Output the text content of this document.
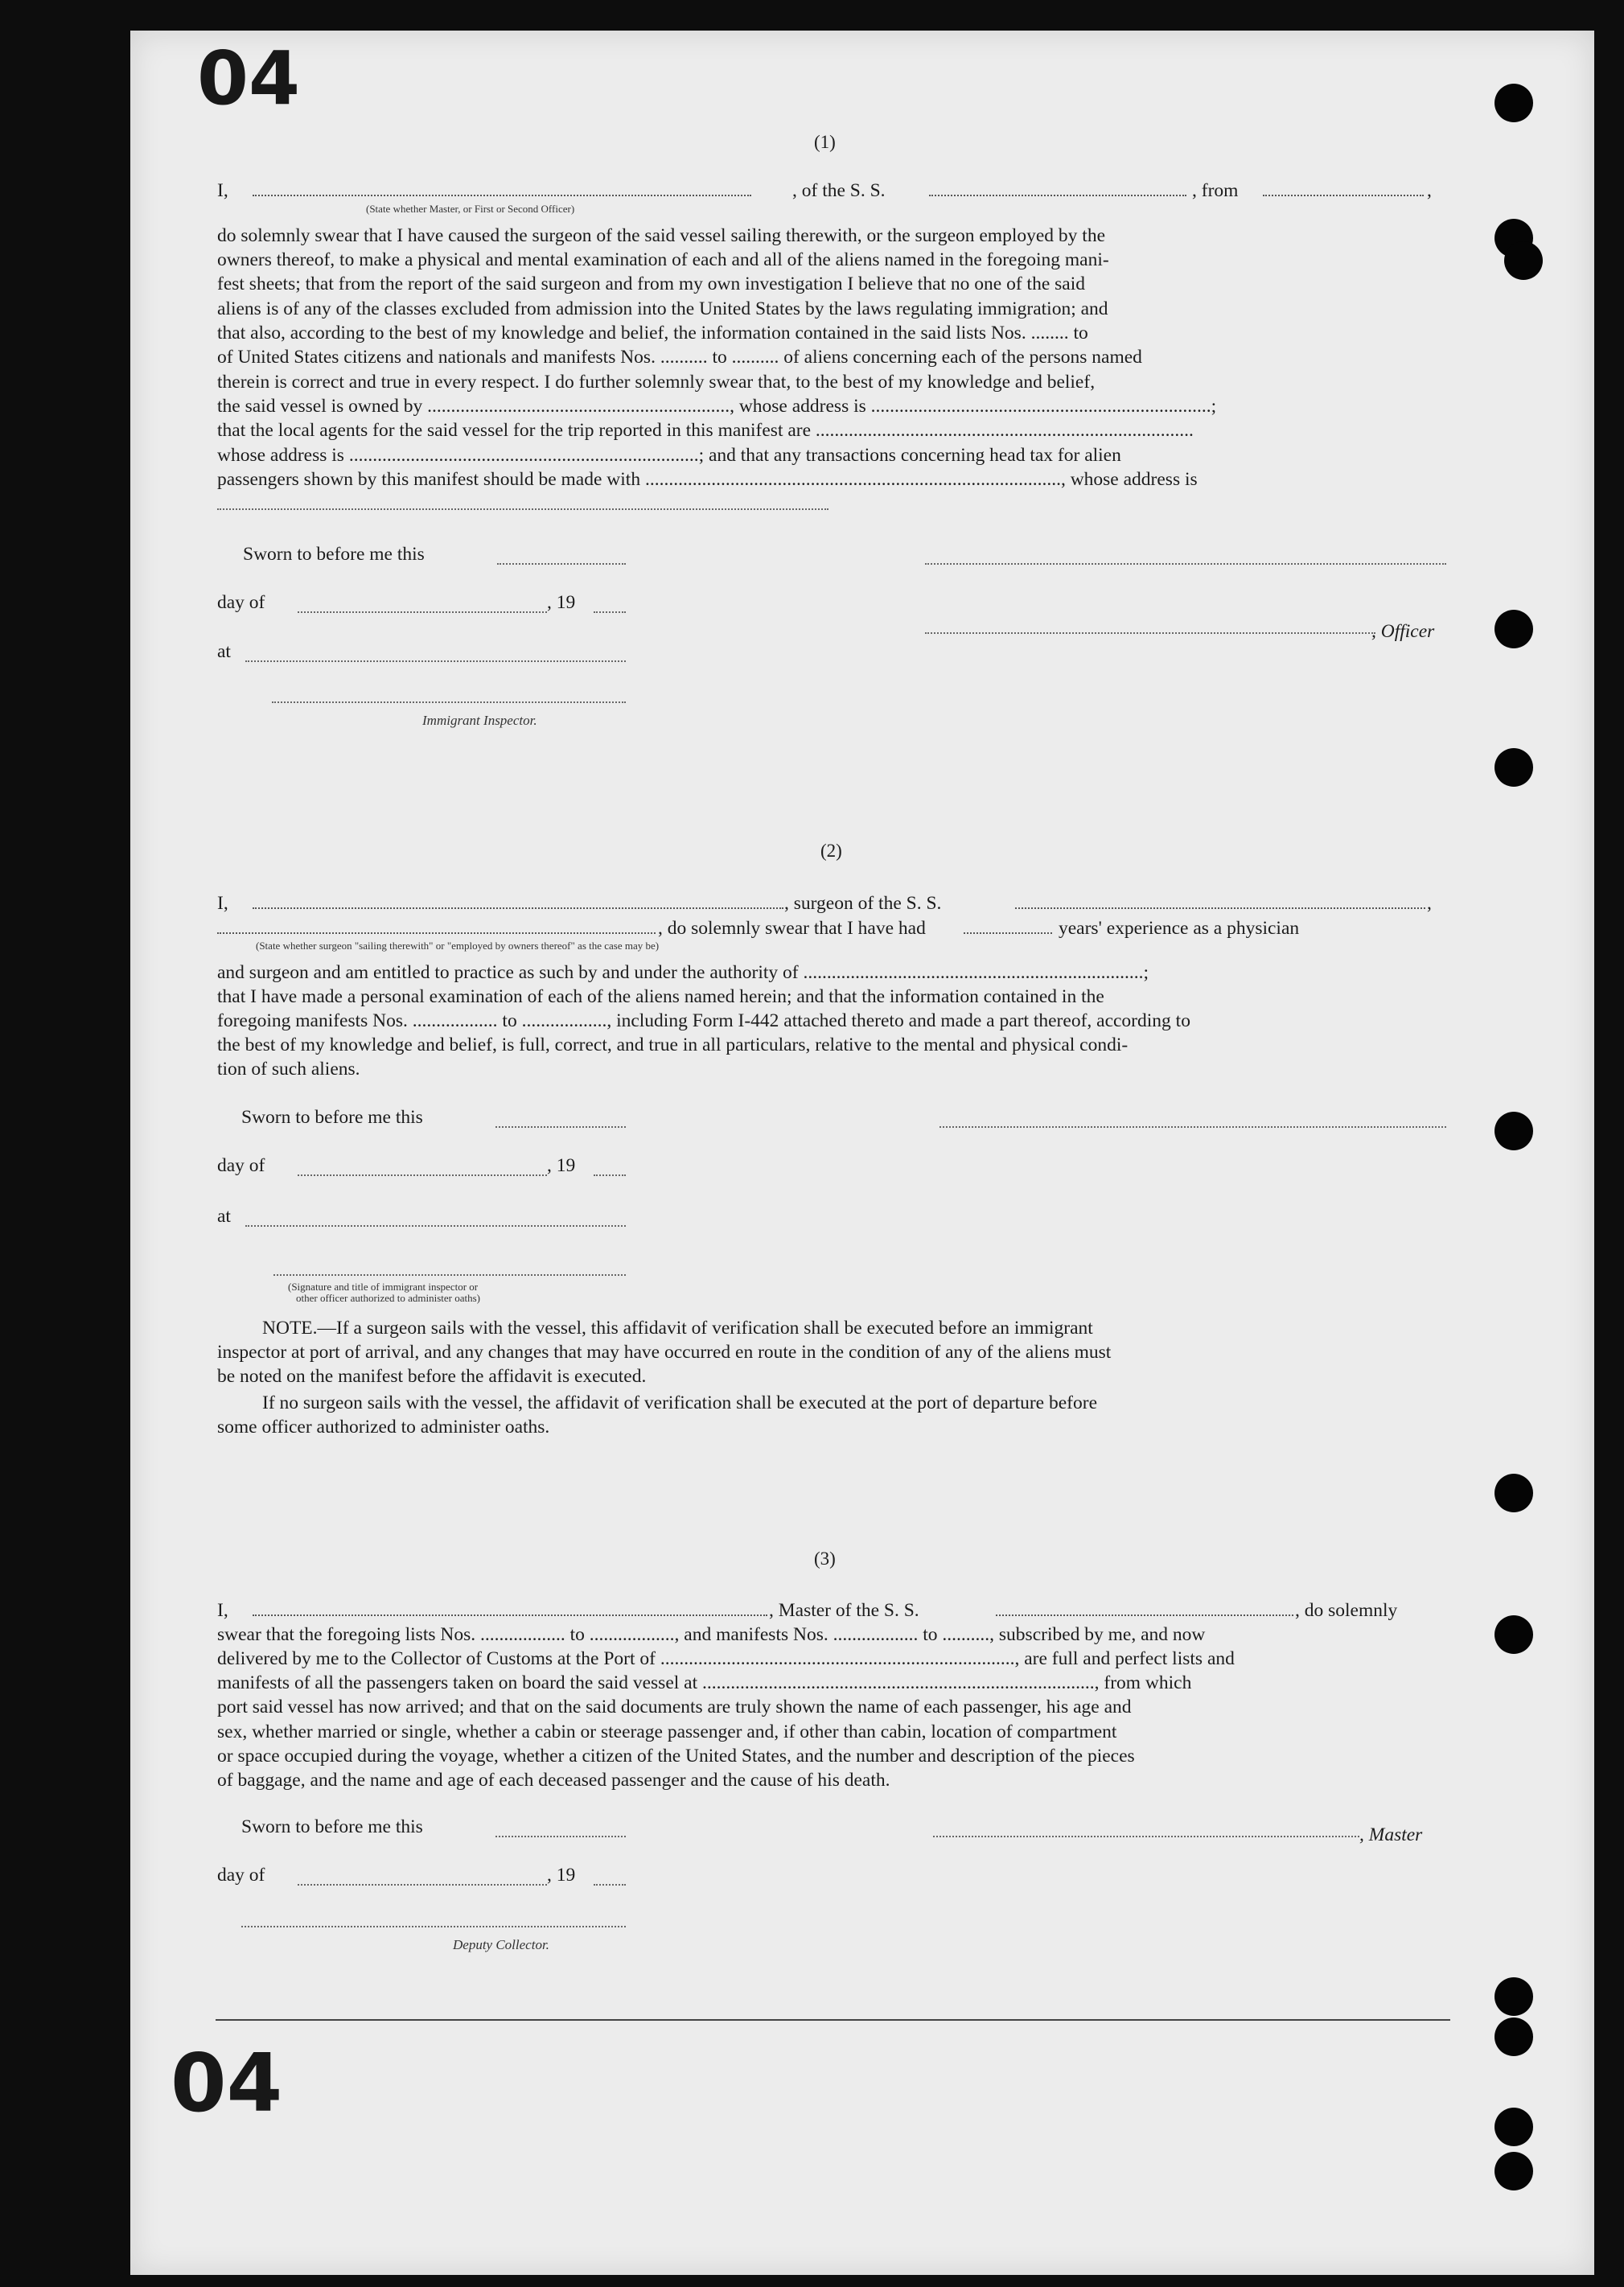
04
04
(1)
I,	, of the S. S.	, from	,
(State whether Master, or First or Second Officer)
do solemnly swear that I have caused the surgeon of the said vessel sailing therewith, or the surgeon employed by the
owners thereof, to make a physical and mental examination of each and all of the aliens named in the foregoing mani-
fest sheets; that from the report of the said surgeon and from my own investigation I believe that no one of the said
aliens is of any of the classes excluded from admission into the United States by the laws regulating immigration; and
that also, according to the best of my knowledge and belief, the information contained in the said lists Nos. ........ to
of United States citizens and nationals and manifests Nos. .......... to .......... of aliens concerning each of the persons named
therein is correct and true in every respect. I do further solemnly swear that, to the best of my knowledge and belief,
the said vessel is owned by ................................................................, whose address is ........................................................................;
that the local agents for the said vessel for the trip reported in this manifest are ................................................................................
whose address is ..........................................................................; and that any transactions concerning head tax for alien
passengers shown by this manifest should be made with ........................................................................................, whose address is
Sworn to before me this
day of	, 19
at
Immigrant Inspector.
, Officer
(2)
I,	, surgeon of the S. S.	,
, do solemnly swear that I have had	years' experience as a physician
(State whether surgeon "sailing therewith" or "employed by owners thereof" as the case may be)
and surgeon and am entitled to practice as such by and under the authority of ........................................................................;
that I have made a personal examination of each of the aliens named herein; and that the information contained in the
foregoing manifests Nos. .................. to .................., including Form I-442 attached thereto and made a part thereof, according to
the best of my knowledge and belief, is full, correct, and true in all particulars, relative to the mental and physical condi-
tion of such aliens.
Sworn to before me this
day of	, 19
at
(Signature and title of immigrant inspector or
other officer authorized to administer oaths)
NOTE.—If a surgeon sails with the vessel, this affidavit of verification shall be executed before an immigrant
inspector at port of arrival, and any changes that may have occurred en route in the condition of any of the aliens must
be noted on the manifest before the affidavit is executed.
If no surgeon sails with the vessel, the affidavit of verification shall be executed at the port of departure before
some officer authorized to administer oaths.
(3)
I,	, Master of the S. S.	, do solemnly
swear that the foregoing lists Nos. .................. to .................., and manifests Nos. .................. to .........., subscribed by me, and now
delivered by me to the Collector of Customs at the Port of ..........................................................................., are full and perfect lists and
manifests of all the passengers taken on board the said vessel at ..................................................................................., from which
port said vessel has now arrived; and that on the said documents are truly shown the name of each passenger, his age and
sex, whether married or single, whether a cabin or steerage passenger and, if other than cabin, location of compartment
or space occupied during the voyage, whether a citizen of the United States, and the number and description of the pieces
of baggage, and the name and age of each deceased passenger and the cause of his death.
Sworn to before me this	, Master
day of	, 19
Deputy Collector.
